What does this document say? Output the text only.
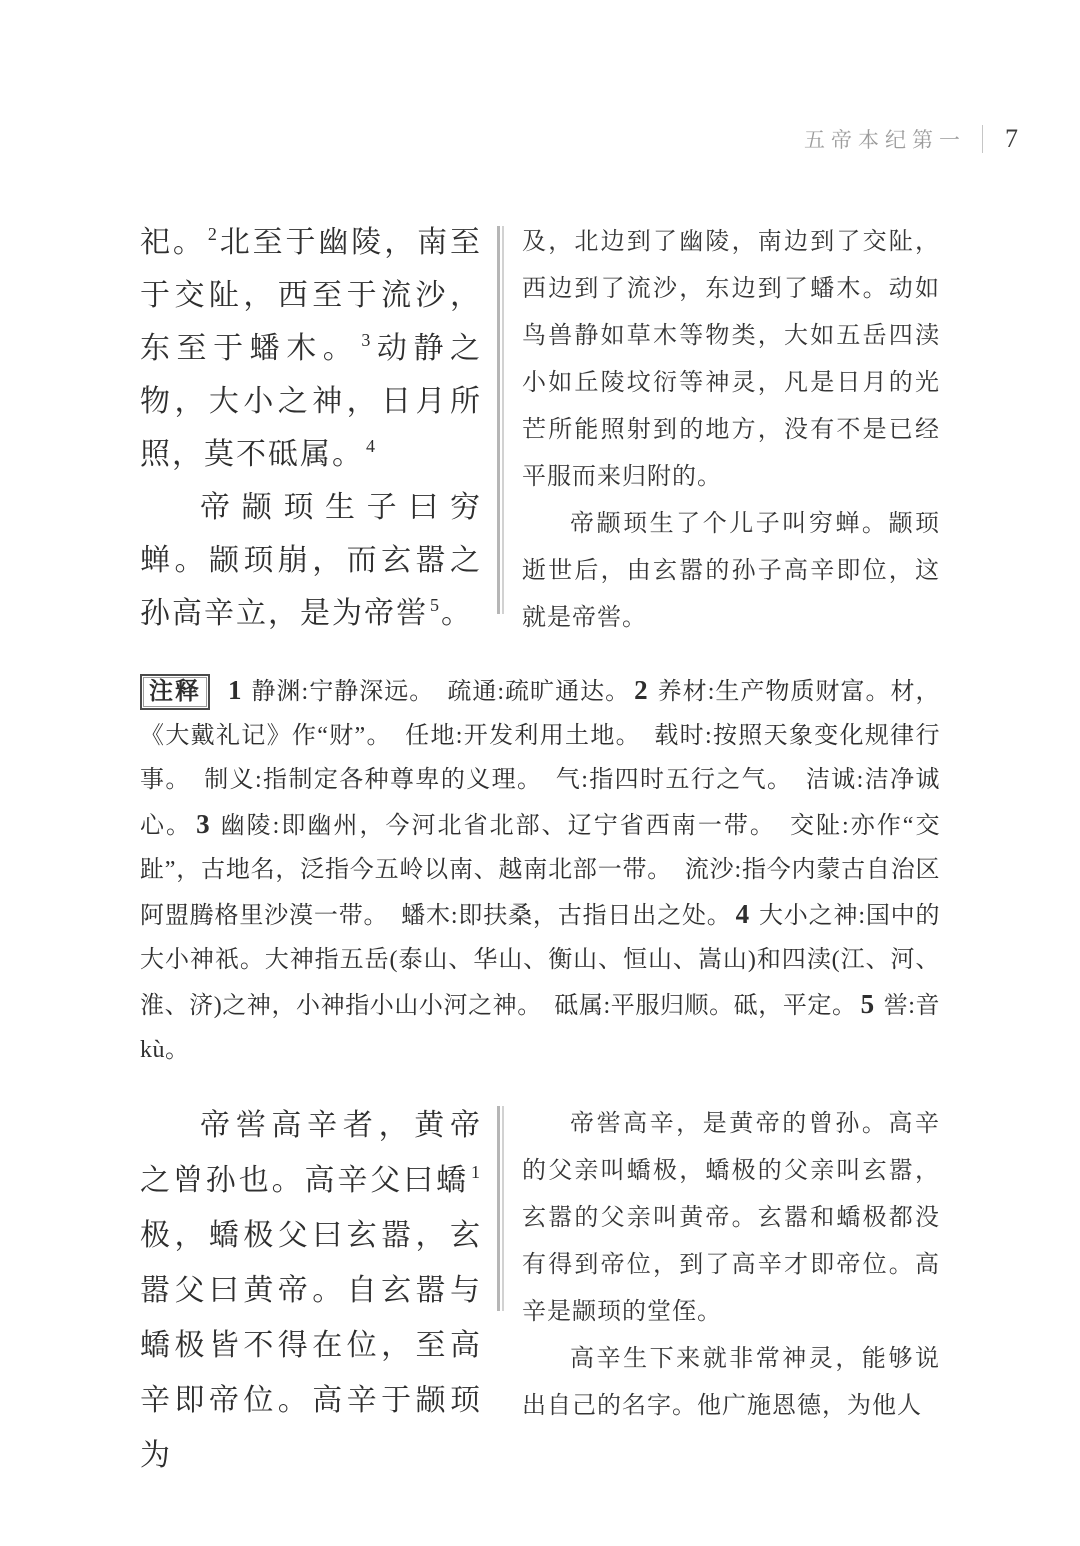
五帝本纪第一 7

祀。 $^2$北至于幽陵，南至于交阯，西至于流沙，东至于蟠木。 $^3$动静之物，大小之神，日月所照，莫不砥属。 $^4$

帝颛顼生子曰穷蝉。颛顼崩，而玄嚣之孙高辛立，是为帝喾 $^5$。

及，北边到了幽陵，南边到了交阯，西边到了流沙，东边到了蟠木。动如鸟兽静如草木等物类，大如五岳四渎小如丘陵坟衍等神灵，凡是日月的光芒所能照射到的地方，没有不是已经平服而来归附的。

帝颛顼生了个儿子叫穷蝉。颛顼逝世后，由玄嚣的孙子高辛即位，这就是帝喾。

注释 1 静渊:宁静深远。　疏通:疏旷通达。 2 养材:生产物质财富。材，《大戴礼记》作“财”。　任地:开发利用土地。　载时:按照天象变化规律行事。　制义:指制定各种尊卑的义理。　气:指四时五行之气。　洁诚:洁净诚心。 3 幽陵:即幽州，今河北省北部、辽宁省西南一带。　交阯:亦作“交趾”，古地名，泛指今五岭以南、越南北部一带。　流沙:指今内蒙古自治区阿盟腾格里沙漠一带。　蟠木:即扶桑，古指日出之处。 4 大小之神:国中的大小神祇。大神指五岳(泰山、华山、衡山、恒山、嵩山)和四渎(江、河、淮、济)之神，小神指小山小河之神。　砥属:平服归顺。砥，平定。 5 喾:音 kù。

帝喾高辛者，黄帝之曾孙也。高辛父曰蟜 $^1$极，蟜极父曰玄嚣，玄嚣父曰黄帝。自玄嚣与蟜极皆不得在位，至高辛即帝位。高辛于颛顼为

帝喾高辛，是黄帝的曾孙。高辛的父亲叫蟜极，蟜极的父亲叫玄嚣，玄嚣的父亲叫黄帝。玄嚣和蟜极都没有得到帝位，到了高辛才即帝位。高辛是颛顼的堂侄。

高辛生下来就非常神灵，能够说出自己的名字。他广施恩德，为他人
